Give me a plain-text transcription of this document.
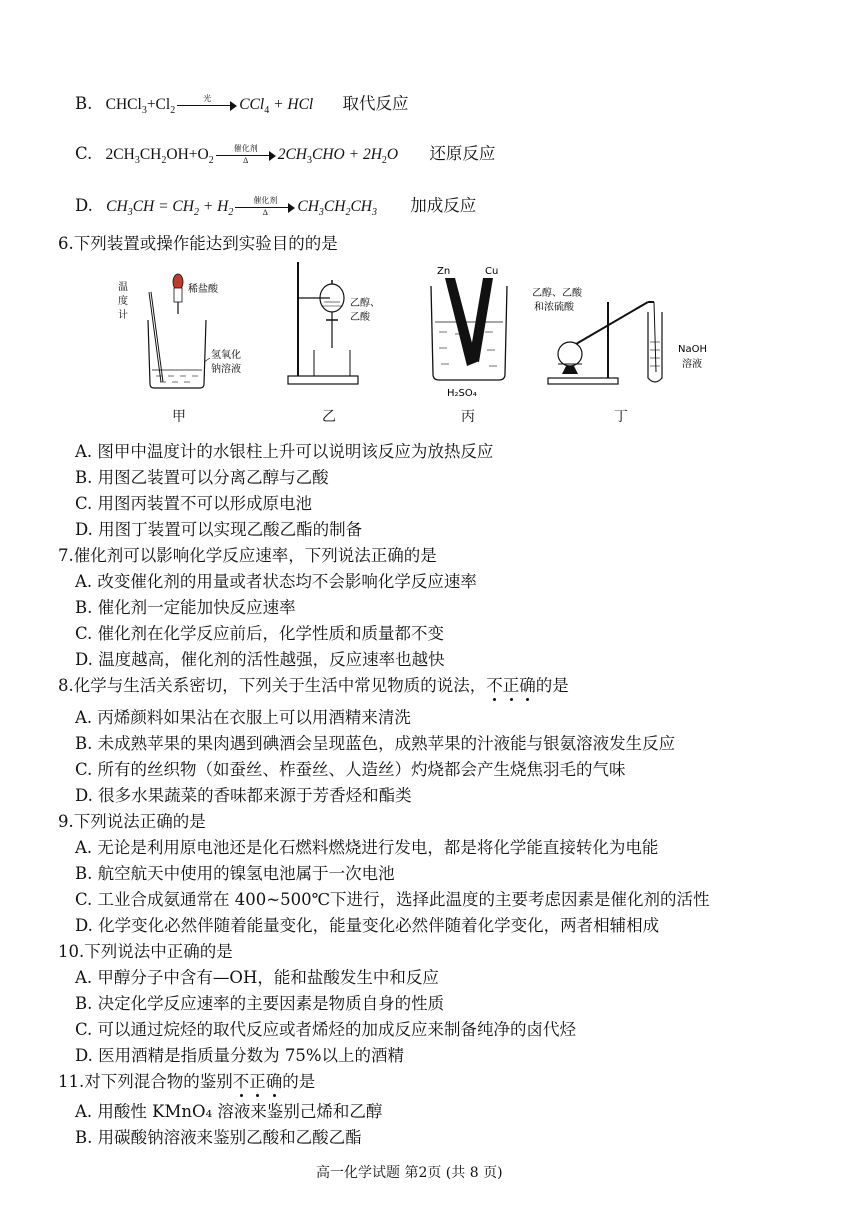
B. $CHCl_3+Cl_2$
光	CCl$_4$ + HCl 取代反应
C. $2CH_3CH_2OH+O_2$
催化剂
Δ	$2CH_3CHO + 2H_2O$ 还原反应
D. $CH_3CH = CH_2 + H_2$
催化剂
Δ	$CH_3CH_2CH_3$ 加成反应
6.下列装置或操作能达到实验目的的是
温
度
计
稀盐酸
氢氧化
钠溶液
甲
乙醇、
乙酸
乙
Zn	Cu
H₂SO₄
丙
乙醇、乙酸
和浓硫酸
NaOH
溶液
丁
A. 图甲中温度计的水银柱上升可以说明该反应为放热反应
B. 用图乙装置可以分离乙醇与乙酸
C. 用图丙装置不可以形成原电池
D. 用图丁装置可以实现乙酸乙酯的制备
7.催化剂可以影响化学反应速率，下列说法正确的是
A. 改变催化剂的用量或者状态均不会影响化学反应速率
B. 催化剂一定能加快反应速率
C. 催化剂在化学反应前后，化学性质和质量都不变
D. 温度越高，催化剂的活性越强，反应速率也越快
8.化学与生活关系密切，下列关于生活中常见物质的说法，不正确的是
A. 丙烯颜料如果沾在衣服上可以用酒精来清洗
B. 未成熟苹果的果肉遇到碘酒会呈现蓝色，成熟苹果的汁液能与银氨溶液发生反应
C. 所有的丝织物（如蚕丝、柞蚕丝、人造丝）灼烧都会产生烧焦羽毛的气味
D. 很多水果蔬菜的香味都来源于芳香烃和酯类
9.下列说法正确的是
A. 无论是利用原电池还是化石燃料燃烧进行发电，都是将化学能直接转化为电能
B. 航空航天中使用的镍氢电池属于一次电池
C. 工业合成氨通常在 400~500℃下进行，选择此温度的主要考虑因素是催化剂的活性
D. 化学变化必然伴随着能量变化，能量变化必然伴随着化学变化，两者相辅相成
10.下列说法中正确的是
A. 甲醇分子中含有—OH，能和盐酸发生中和反应
B. 决定化学反应速率的主要因素是物质自身的性质
C. 可以通过烷烃的取代反应或者烯烃的加成反应来制备纯净的卤代烃
D. 医用酒精是指质量分数为 75%以上的酒精
11.对下列混合物的鉴别不正确的是
A. 用酸性 KMnO₄ 溶液来鉴别己烯和乙醇
B. 用碳酸钠溶液来鉴别乙酸和乙酸乙酯
高一化学试题 第2页 (共 8 页)
